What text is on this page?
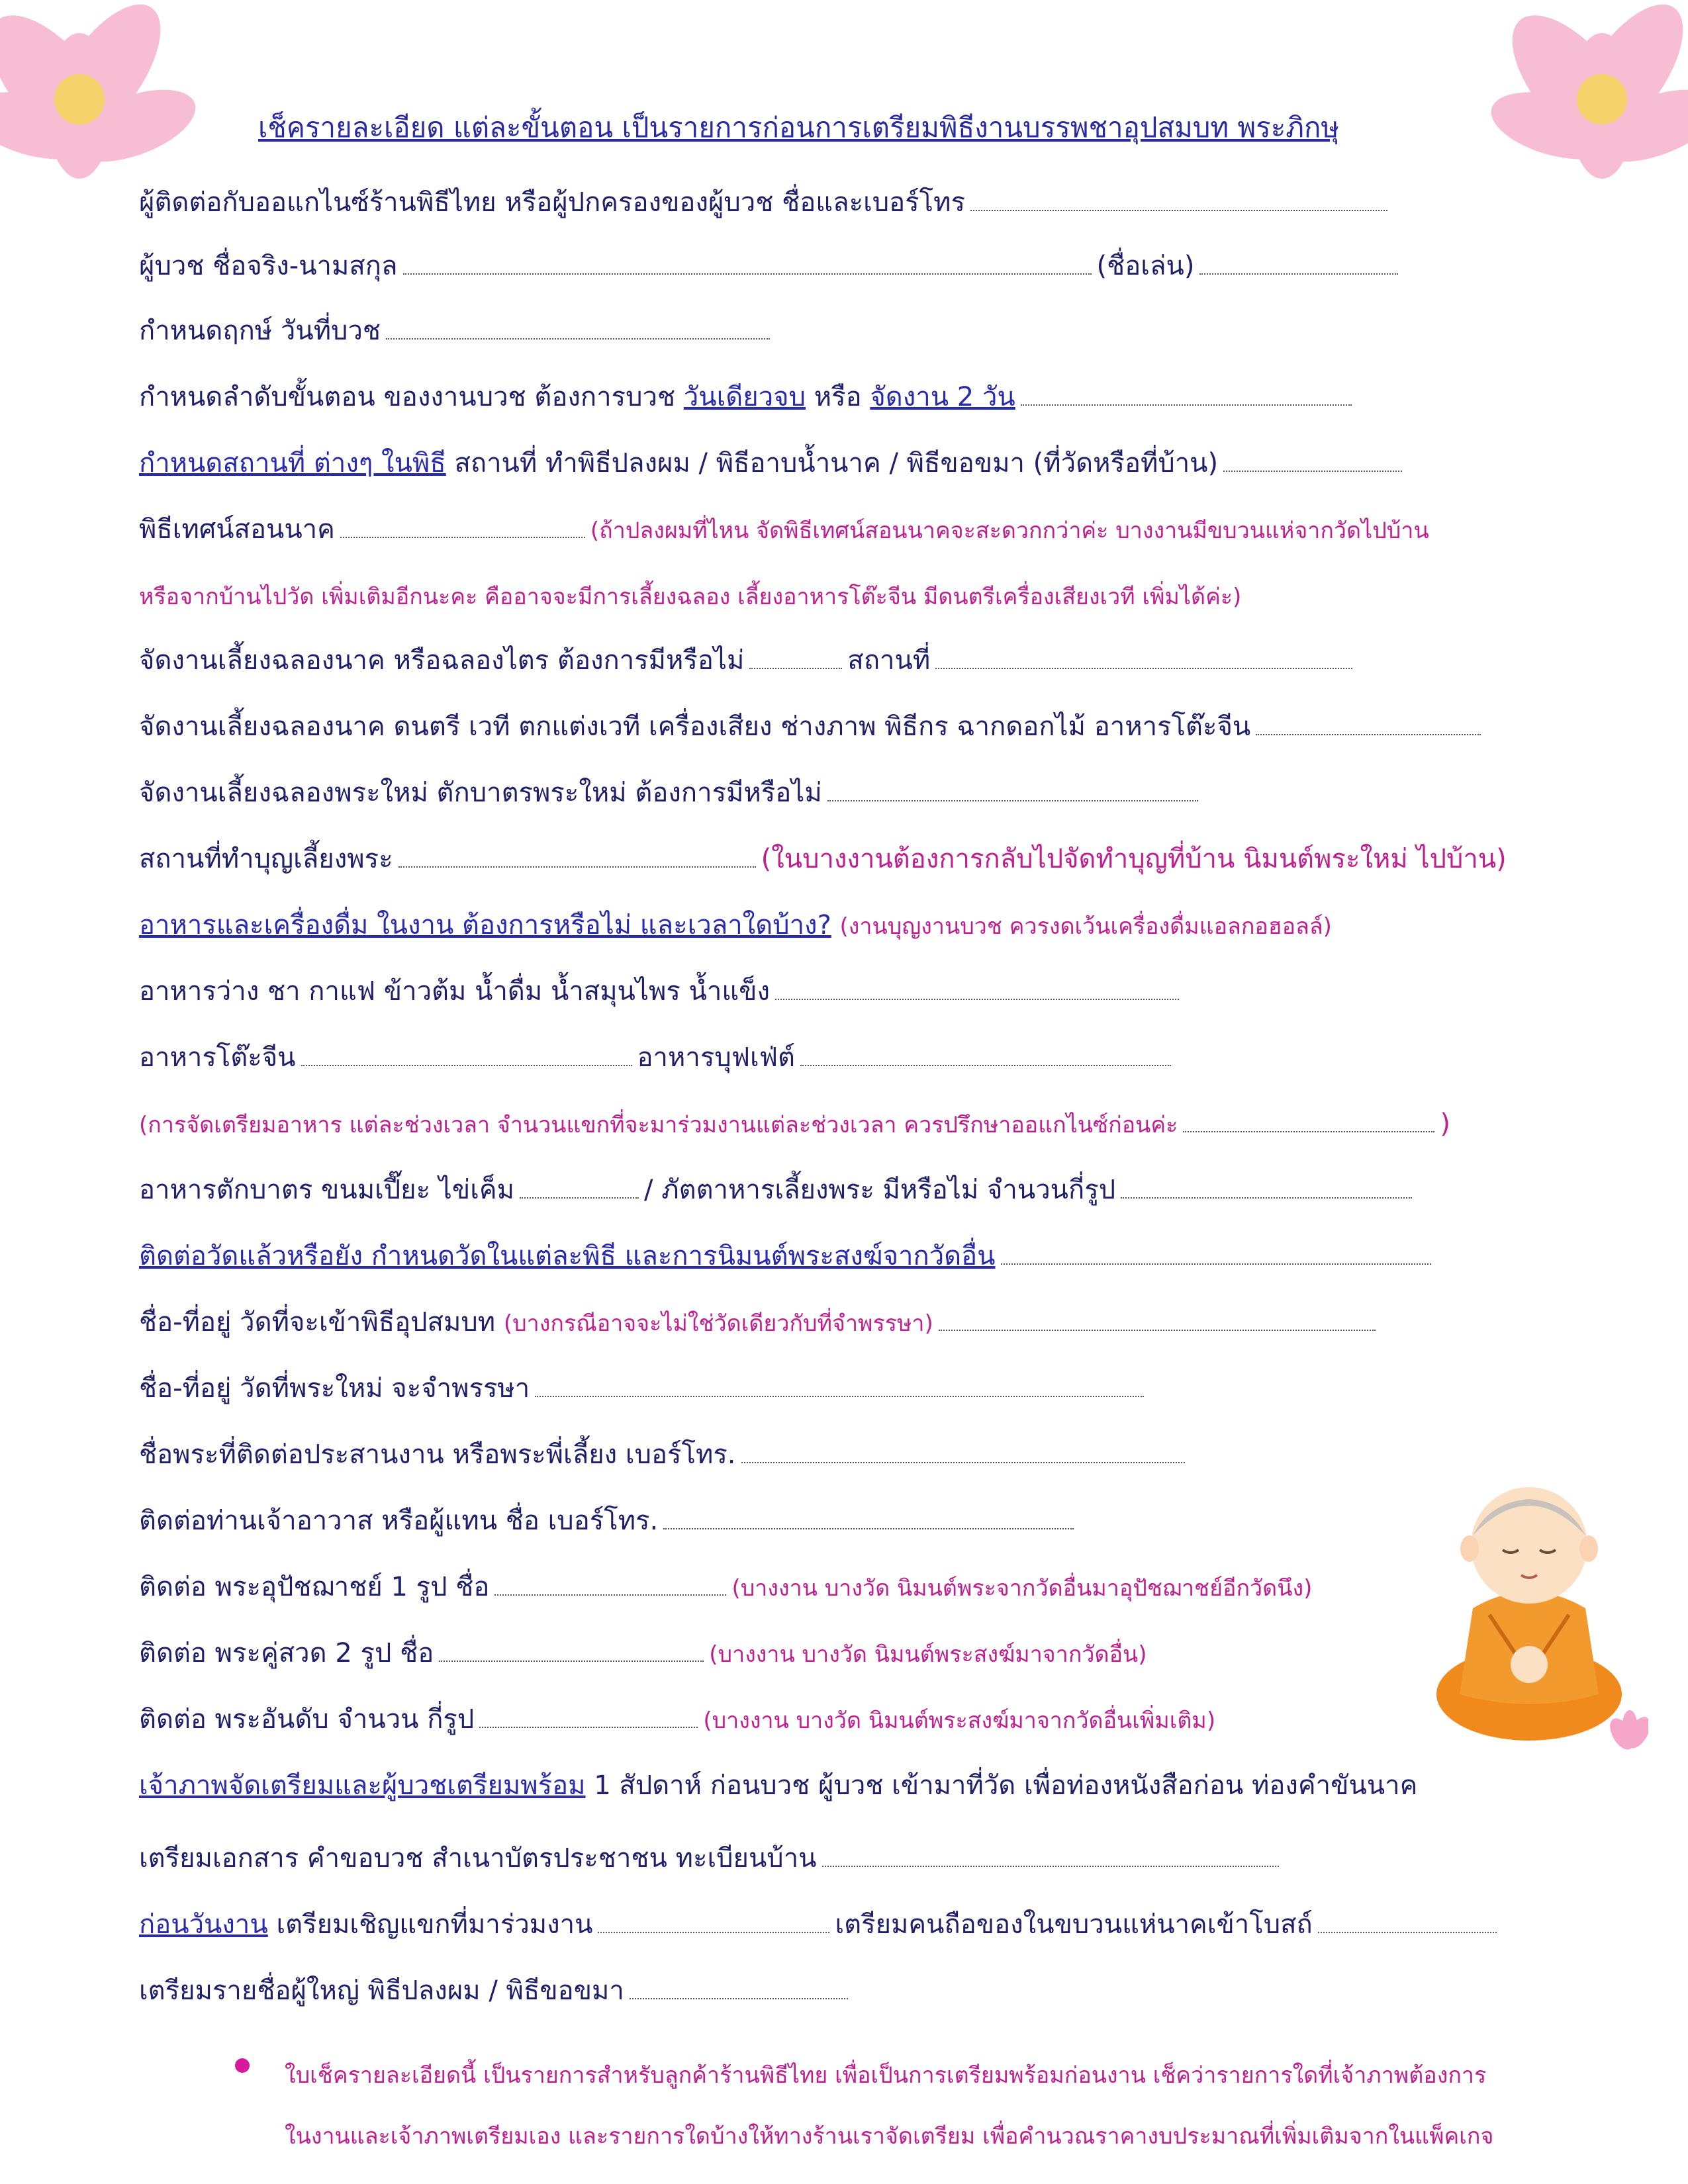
เช็ครายละเอียด แต่ละขั้นตอน เป็นรายการก่อนการเตรียมพิธีงานบรรพชาอุปสมบท พระภิกษุ
ผู้ติดต่อกับออแกไนซ์ร้านพิธีไทย หรือผู้ปกครองของผู้บวช ชื่อและเบอร์โทร
ผู้บวช ชื่อจริง-นามสกุล	(ชื่อเล่น)
กำหนดฤกษ์ วันที่บวช
กำหนดลำดับขั้นตอน ของงานบวช ต้องการบวช วันเดียวจบ หรือ จัดงาน 2 วัน
กำหนดสถานที่ ต่างๆ ในพิธี สถานที่ ทำพิธีปลงผม / พิธีอาบน้ำนาค / พิธีขอขมา (ที่วัดหรือที่บ้าน)
พิธีเทศน์สอนนาค	(ถ้าปลงผมที่ไหน จัดพิธีเทศน์สอนนาคจะสะดวกกว่าค่ะ บางงานมีขบวนแห่จากวัดไปบ้าน
หรือจากบ้านไปวัด เพิ่มเติมอีกนะคะ คืออาจจะมีการเลี้ยงฉลอง เลี้ยงอาหารโต๊ะจีน มีดนตรีเครื่องเสียงเวที เพิ่มได้ค่ะ)
จัดงานเลี้ยงฉลองนาค หรือฉลองไตร ต้องการมีหรือไม่	สถานที่
จัดงานเลี้ยงฉลองนาค ดนตรี เวที ตกแต่งเวที เครื่องเสียง ช่างภาพ พิธีกร ฉากดอกไม้ อาหารโต๊ะจีน
จัดงานเลี้ยงฉลองพระใหม่ ตักบาตรพระใหม่ ต้องการมีหรือไม่
สถานที่ทำบุญเลี้ยงพระ	(ในบางงานต้องการกลับไปจัดทำบุญที่บ้าน นิมนต์พระใหม่ ไปบ้าน)
อาหารและเครื่องดื่ม ในงาน ต้องการหรือไม่ และเวลาใดบ้าง? (งานบุญงานบวช ควรงดเว้นเครื่องดื่มแอลกอฮอลล์)
อาหารว่าง ชา กาแฟ ข้าวต้ม น้ำดื่ม น้ำสมุนไพร น้ำแข็ง
อาหารโต๊ะจีน	อาหารบุฟเฟ่ต์
(การจัดเตรียมอาหาร แต่ละช่วงเวลา จำนวนแขกที่จะมาร่วมงานแต่ละช่วงเวลา ควรปรึกษาออแกไนซ์ก่อนค่ะ	)
อาหารตักบาตร ขนมเปี๊ยะ ไข่เค็ม	/ ภัตตาหารเลี้ยงพระ มีหรือไม่ จำนวนกี่รูป
ติดต่อวัดแล้วหรือยัง กำหนดวัดในแต่ละพิธี และการนิมนต์พระสงฆ์จากวัดอื่น
ชื่อ-ที่อยู่ วัดที่จะเข้าพิธีอุปสมบท (บางกรณีอาจจะไม่ใช่วัดเดียวกับที่จำพรรษา)
ชื่อ-ที่อยู่ วัดที่พระใหม่ จะจำพรรษา
ชื่อพระที่ติดต่อประสานงาน หรือพระพี่เลี้ยง เบอร์โทร.
ติดต่อท่านเจ้าอาวาส หรือผู้แทน ชื่อ เบอร์โทร.
ติดต่อ พระอุปัชฌาชย์ 1 รูป ชื่อ	(บางงาน บางวัด นิมนต์พระจากวัดอื่นมาอุปัชฌาชย์อีกวัดนึง)
ติดต่อ พระคู่สวด 2 รูป ชื่อ	(บางงาน บางวัด นิมนต์พระสงฆ์มาจากวัดอื่น)
ติดต่อ พระอันดับ จำนวน กี่รูป	(บางงาน บางวัด นิมนต์พระสงฆ์มาจากวัดอื่นเพิ่มเติม)
เจ้าภาพจัดเตรียมและผู้บวชเตรียมพร้อม 1 สัปดาห์ ก่อนบวช ผู้บวช เข้ามาที่วัด เพื่อท่องหนังสือก่อน ท่องคำขันนาค
เตรียมเอกสาร คำขอบวช สำเนาบัตรประชาชน ทะเบียนบ้าน
ก่อนวันงาน เตรียมเชิญแขกที่มาร่วมงาน	เตรียมคนถือของในขบวนแห่นาคเข้าโบสถ์
เตรียมรายชื่อผู้ใหญ่ พิธีปลงผม / พิธีขอขมา
ใบเช็ครายละเอียดนี้ เป็นรายการสำหรับลูกค้าร้านพิธีไทย เพื่อเป็นการเตรียมพร้อมก่อนงาน เช็คว่ารายการใดที่เจ้าภาพต้องการ
ในงานและเจ้าภาพเตรียมเอง และรายการใดบ้างให้ทางร้านเราจัดเตรียม เพื่อคำนวณราคางบประมาณที่เพิ่มเติมจากในแพ็คเกจ
